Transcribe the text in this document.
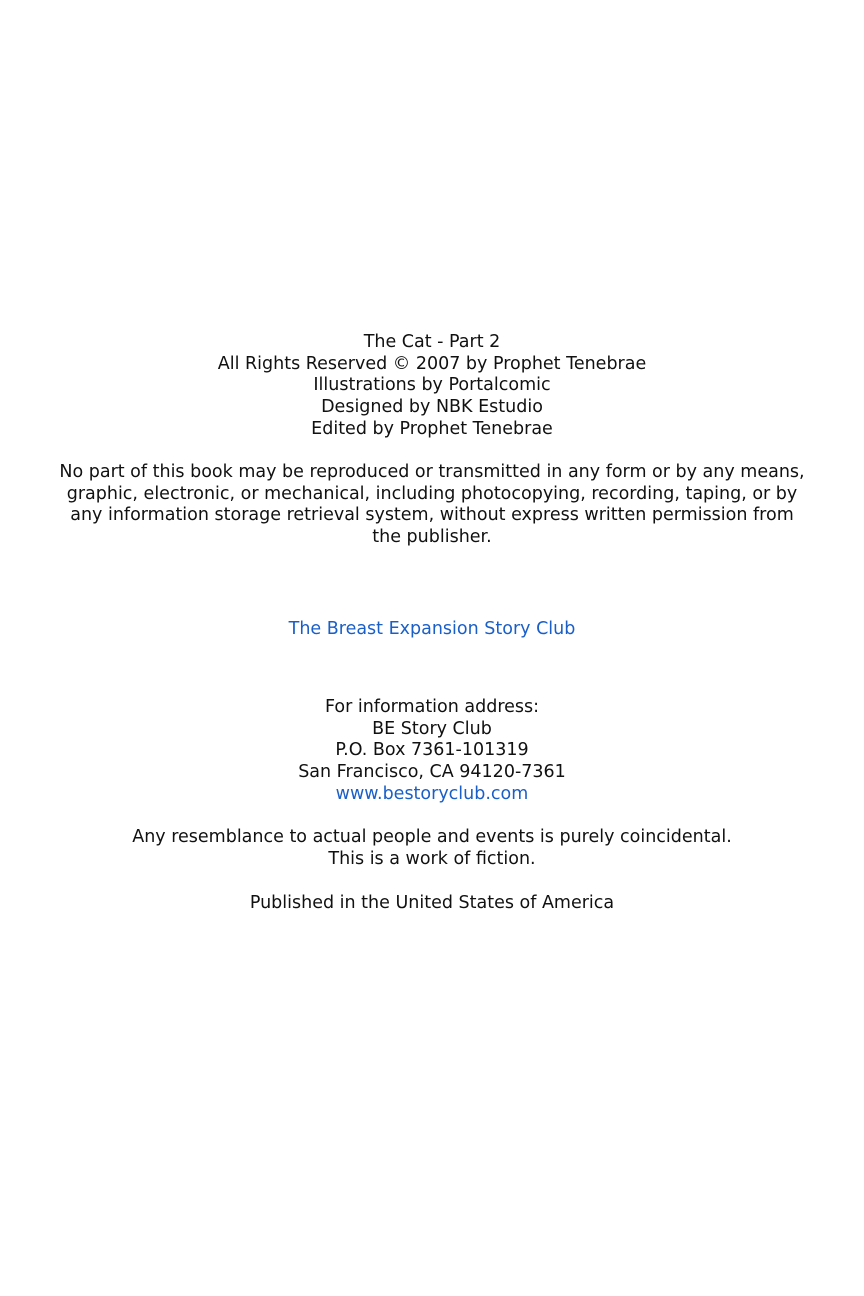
The Cat - Part 2
All Rights Reserved © 2007 by Prophet Tenebrae
Illustrations by Portalcomic
Designed by NBK Estudio
Edited by Prophet Tenebrae
No part of this book may be reproduced or transmitted in any form or by any means, graphic, electronic, or mechanical, including photocopying, recording, taping, or by any information storage retrieval system, without express written permission from the publisher.
The Breast Expansion Story Club
For information address:
BE Story Club
P.O. Box 7361-101319
San Francisco, CA 94120-7361
www.bestoryclub.com
Any resemblance to actual people and events is purely coincidental.
This is a work of fiction.
Published in the United States of America
